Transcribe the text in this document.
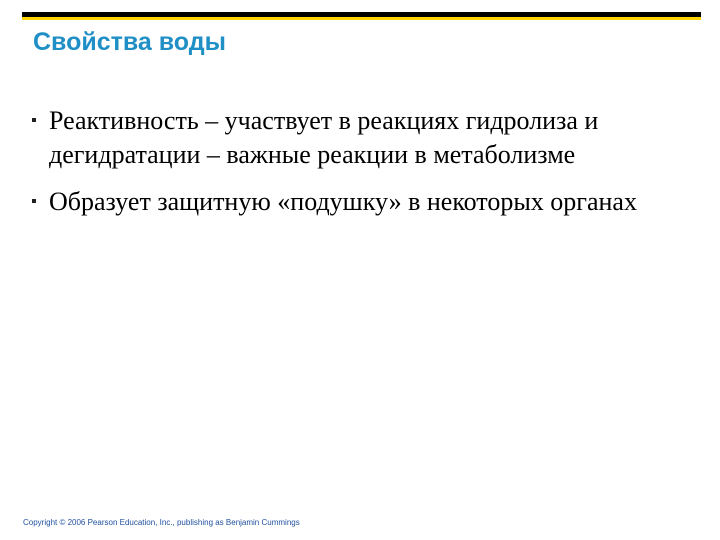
Свойства воды
Реактивность – участвует в реакциях гидролиза и дегидратации – важные реакции в метаболизме
Образует защитную «подушку» в некоторых органах
Copyright © 2006 Pearson Education, Inc., publishing as Benjamin Cummings
